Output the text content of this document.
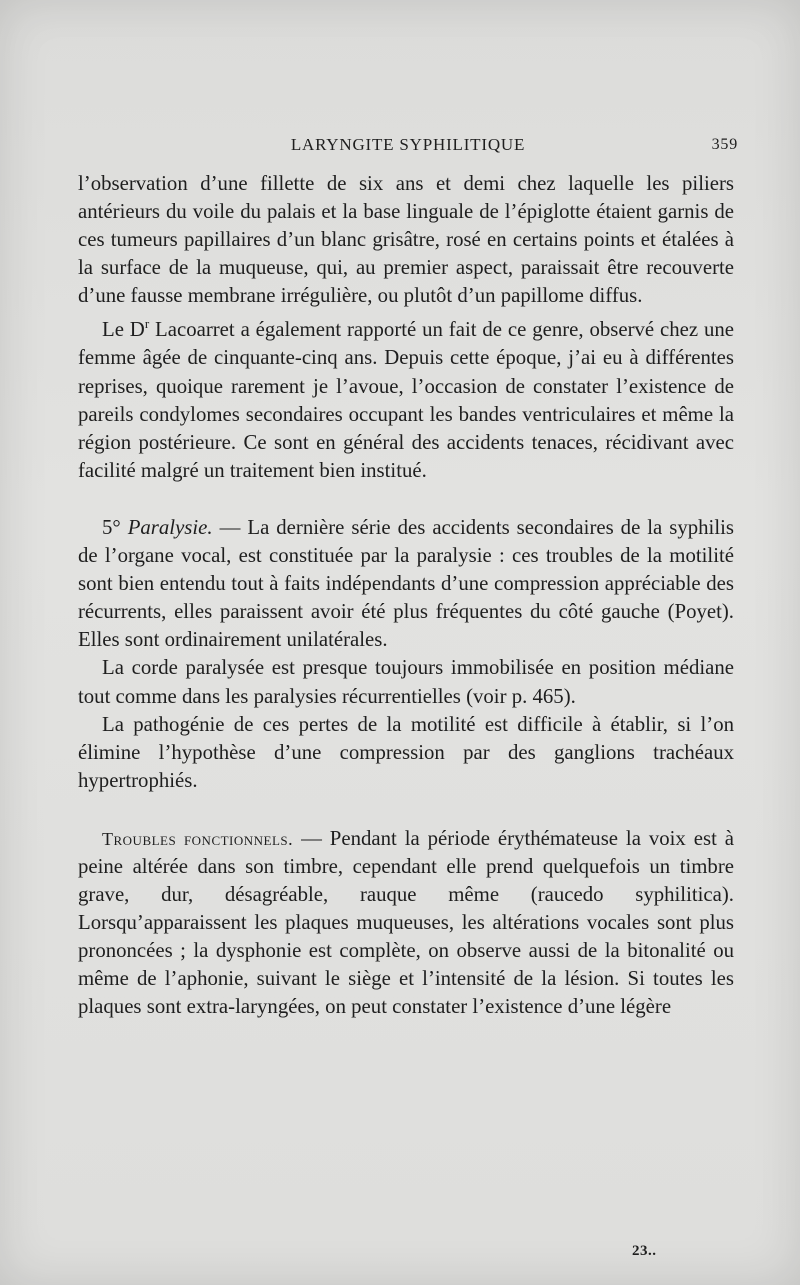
LARYNGITE SYPHILITIQUE	359

l’observation d’une fillette de six ans et demi chez laquelle les piliers antérieurs du voile du palais et la base linguale de l’épiglotte étaient garnis de ces tumeurs papillaires d’un blanc grisâtre, rosé en certains points et étalées à la surface de la muqueuse, qui, au premier aspect, paraissait être recouverte d’une fausse membrane irrégulière, ou plutôt d’un papillome diffus.

Le $D^r$ Lacoarret a également rapporté un fait de ce genre, observé chez une femme âgée de cinquante-cinq ans. Depuis cette époque, j’ai eu à différentes reprises, quoique rarement je l’avoue, l’occasion de constater l’existence de pareils condylomes secondaires occupant les bandes ventriculaires et même la région postérieure. Ce sont en général des accidents tenaces, récidivant avec facilité malgré un traitement bien institué.

5° Paralysie. — La dernière série des accidents secondaires de la syphilis de l’organe vocal, est constituée par la paralysie : ces troubles de la motilité sont bien entendu tout à faits indépendants d’une compression appréciable des récurrents, elles paraissent avoir été plus fréquentes du côté gauche (Poyet). Elles sont ordinairement unilatérales.

La corde paralysée est presque toujours immobilisée en position médiane tout comme dans les paralysies récurrentielles (voir p. 465).

La pathogénie de ces pertes de la motilité est difficile à établir, si l’on élimine l’hypothèse d’une compression par des ganglions trachéaux hypertrophiés.

Troubles fonctionnels. — Pendant la période érythémateuse la voix est à peine altérée dans son timbre, cependant elle prend quelquefois un timbre grave, dur, désagréable, rauque même (raucedo syphilitica). Lorsqu’apparaissent les plaques muqueuses, les altérations vocales sont plus prononcées ; la dysphonie est complète, on observe aussi de la bitonalité ou même de l’aphonie, suivant le siège et l’intensité de la lésion. Si toutes les plaques sont extra-laryngées, on peut constater l’existence d’une légère

23..
